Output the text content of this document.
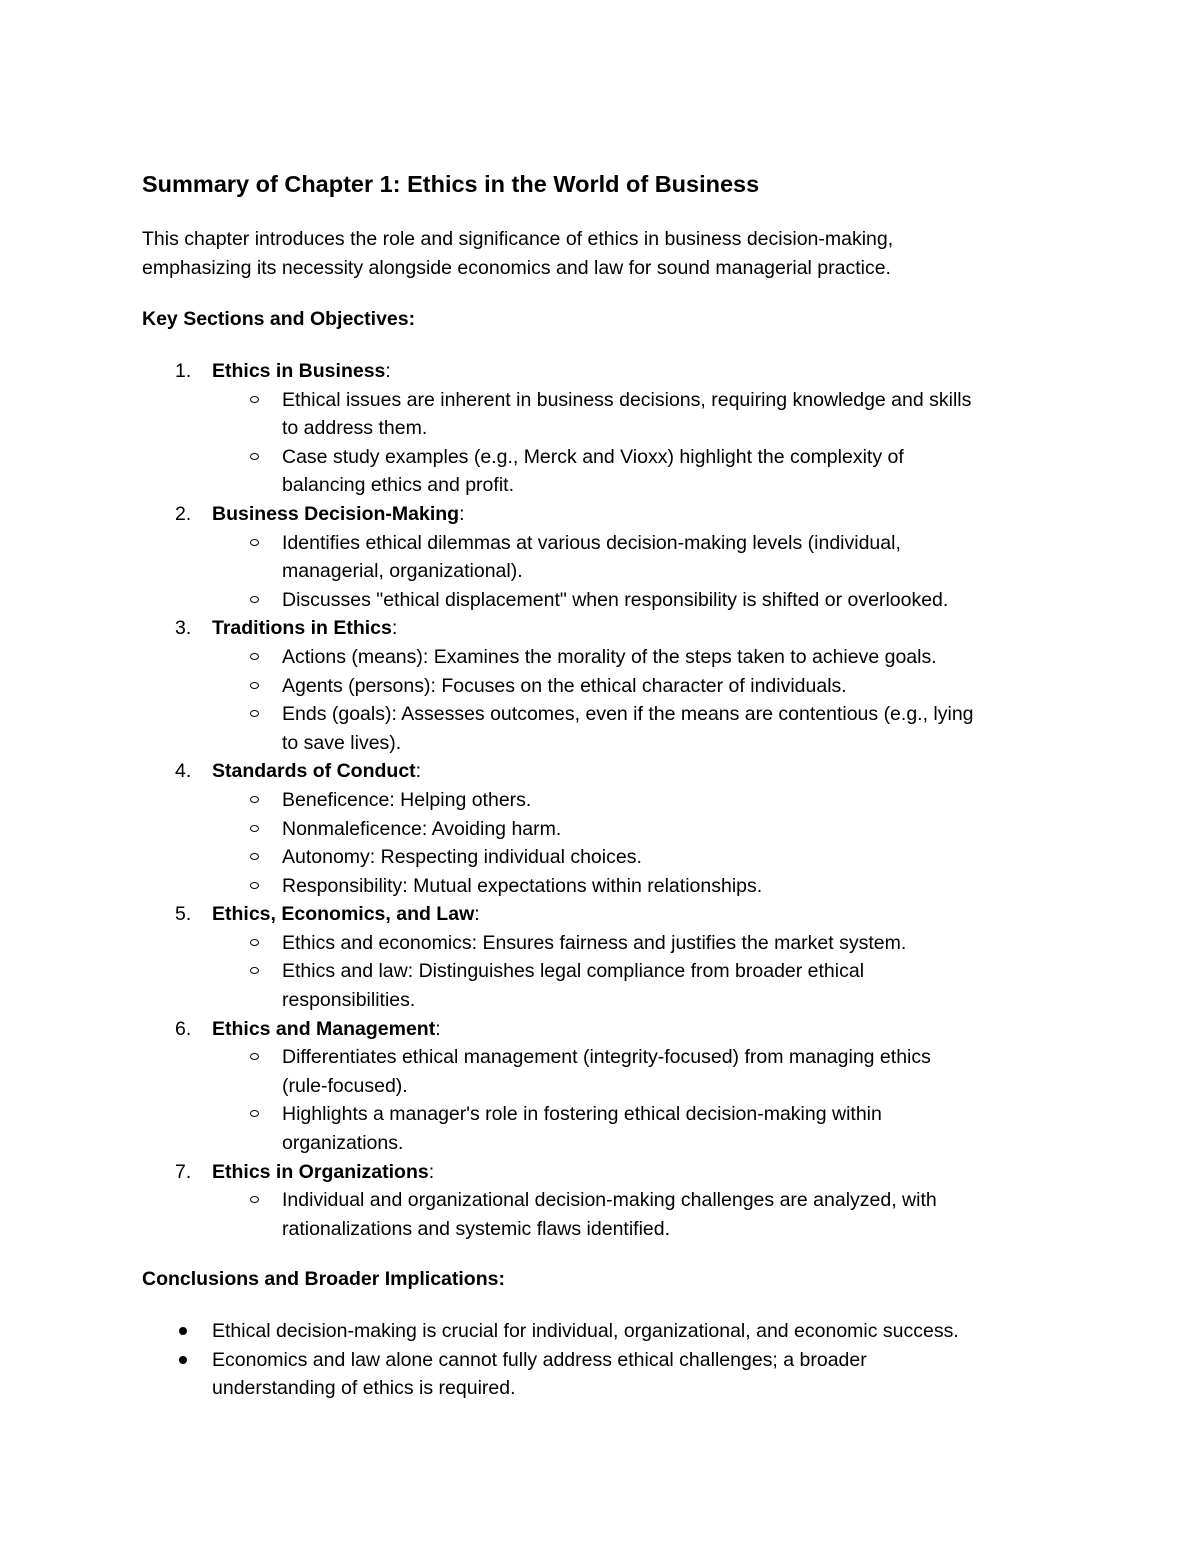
Summary of Chapter 1: Ethics in the World of Business

This chapter introduces the role and significance of ethics in business decision-making,
emphasizing its necessity alongside economics and law for sound managerial practice.

Key Sections and Objectives:
1.	Ethics in Business:
Ethical issues are inherent in business decisions, requiring knowledge and skills
to address them.
Case study examples (e.g., Merck and Vioxx) highlight the complexity of
balancing ethics and profit.
2.	Business Decision-Making:
Identifies ethical dilemmas at various decision-making levels (individual,
managerial, organizational).
Discusses "ethical displacement" when responsibility is shifted or overlooked.
3.	Traditions in Ethics:
Actions (means): Examines the morality of the steps taken to achieve goals.
Agents (persons): Focuses on the ethical character of individuals.
Ends (goals): Assesses outcomes, even if the means are contentious (e.g., lying
to save lives).
4.	Standards of Conduct:
Beneficence: Helping others.
Nonmaleficence: Avoiding harm.
Autonomy: Respecting individual choices.
Responsibility: Mutual expectations within relationships.
5.	Ethics, Economics, and Law:
Ethics and economics: Ensures fairness and justifies the market system.
Ethics and law: Distinguishes legal compliance from broader ethical
responsibilities.
6.	Ethics and Management:
Differentiates ethical management (integrity-focused) from managing ethics
(rule-focused).
Highlights a manager's role in fostering ethical decision-making within
organizations.
7.	Ethics in Organizations:
Individual and organizational decision-making challenges are analyzed, with
rationalizations and systemic flaws identified.
Conclusions and Broader Implications:
Ethical decision-making is crucial for individual, organizational, and economic success.
Economics and law alone cannot fully address ethical challenges; a broader
understanding of ethics is required.
